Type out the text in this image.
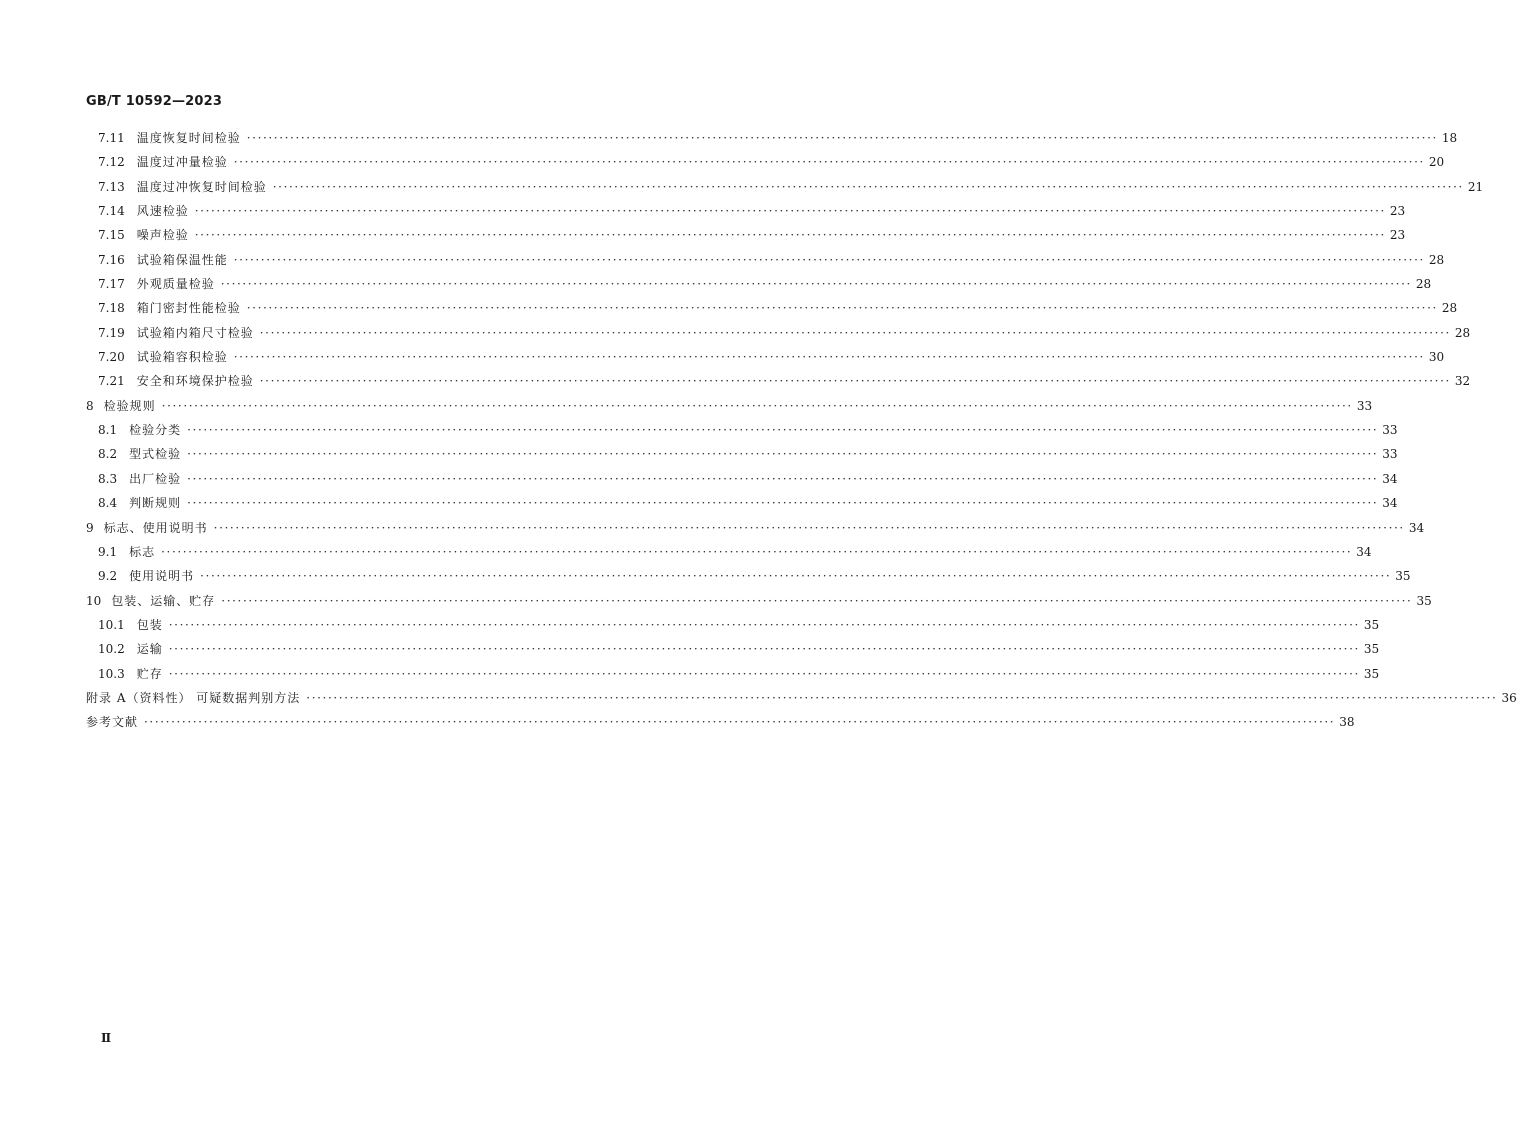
GB/T 10592—2023
7.11 温度恢复时间检验 ···························································································································································································································· 18
7.12 温度过冲量检验 ···························································································································································································································· 20
7.13 温度过冲恢复时间检验 ···························································································································································································································· 21
7.14 风速检验 ···························································································································································································································· 23
7.15 噪声检验 ···························································································································································································································· 23
7.16 试验箱保温性能 ···························································································································································································································· 28
7.17 外观质量检验 ···························································································································································································································· 28
7.18 箱门密封性能检验 ···························································································································································································································· 28
7.19 试验箱内箱尺寸检验 ···························································································································································································································· 28
7.20 试验箱容积检验 ···························································································································································································································· 30
7.21 安全和环境保护检验 ···························································································································································································································· 32
8 检验规则 ···························································································································································································································· 33
8.1 检验分类 ···························································································································································································································· 33
8.2 型式检验 ···························································································································································································································· 33
8.3 出厂检验 ···························································································································································································································· 34
8.4 判断规则 ···························································································································································································································· 34
9 标志、使用说明书 ···························································································································································································································· 34
9.1 标志 ···························································································································································································································· 34
9.2 使用说明书 ···························································································································································································································· 35
10 包装、运输、贮存 ···························································································································································································································· 35
10.1 包装 ···························································································································································································································· 35
10.2 运输 ···························································································································································································································· 35
10.3 贮存 ···························································································································································································································· 35
附录 A（资料性） 可疑数据判别方法 ···························································································································································································································· 36
参考文献 ···························································································································································································································· 38
Ⅱ
